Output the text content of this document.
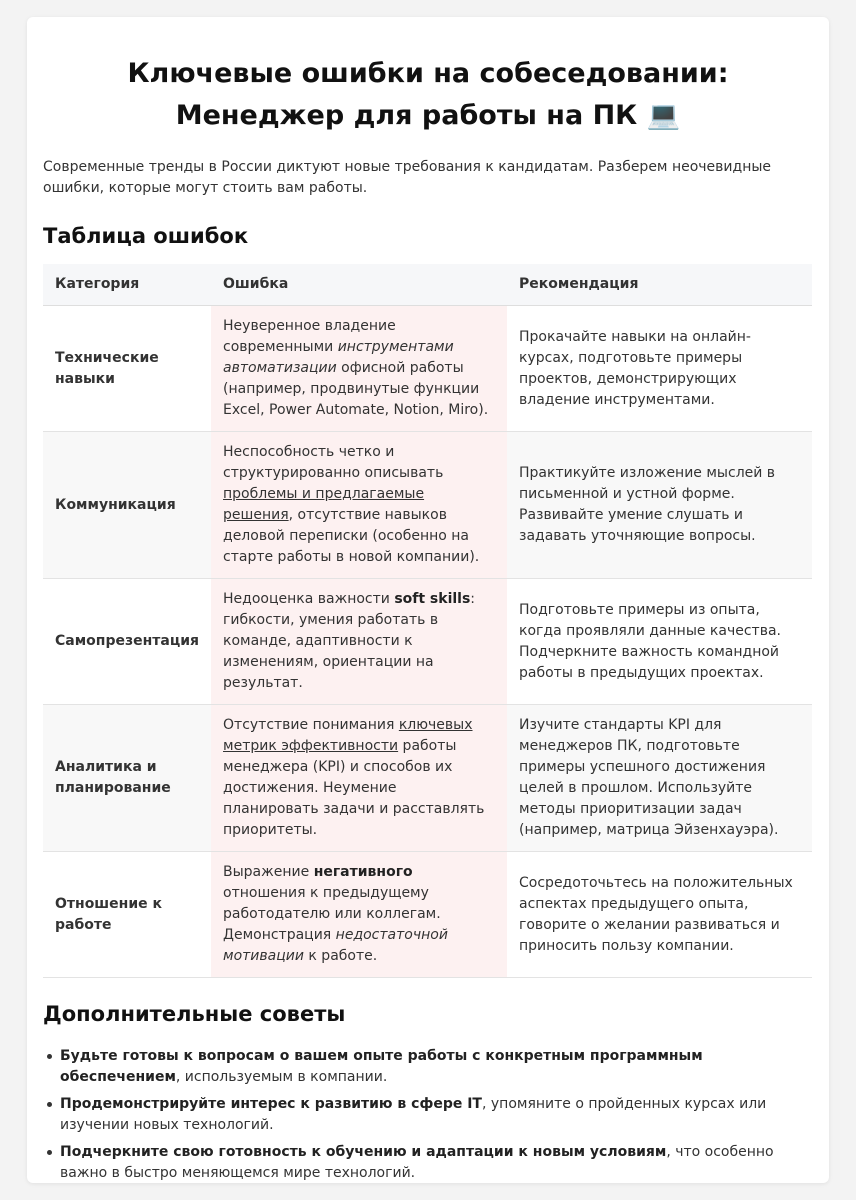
Ключевые ошибки на собеседовании:
Менеджер для работы на ПК 💻

Современные тренды в России диктуют новые требования к кандидатам. Разберем неочевидные ошибки, которые могут стоить вам работы.

Таблица ошибок
Категория	Ошибка	Рекомендация
Технические навыки	Неуверенное владение современными инструментами автоматизации офисной работы (например, продвинутые функции Excel, Power Automate, Notion, Miro).	Прокачайте навыки на онлайн-курсах, подготовьте примеры проектов, демонстрирующих владение инструментами.
Коммуникация	Неспособность четко и структурированно описывать проблемы и предлагаемые решения, отсутствие навыков деловой переписки (особенно на старте работы в новой компании).	Практикуйте изложение мыслей в письменной и устной форме. Развивайте умение слушать и задавать уточняющие вопросы.
Самопрезентация	Недооценка важности soft skills: гибкости, умения работать в команде, адаптивности к изменениям, ориентации на результат.	Подготовьте примеры из опыта, когда проявляли данные качества. Подчеркните важность командной работы в предыдущих проектах.
Аналитика и планирование	Отсутствие понимания ключевых метрик эффективности работы менеджера (KPI) и способов их достижения. Неумение планировать задачи и расставлять приоритеты.	Изучите стандарты KPI для менеджеров ПК, подготовьте примеры успешного достижения целей в прошлом. Используйте методы приоритизации задач (например, матрица Эйзенхауэра).
Отношение к работе	Выражение негативного отношения к предыдущему работодателю или коллегам. Демонстрация недостаточной мотивации к работе.	Сосредоточьтесь на положительных аспектах предыдущего опыта, говорите о желании развиваться и приносить пользу компании.
Дополнительные советы
Будьте готовы к вопросам о вашем опыте работы с конкретным программным обеспечением, используемым в компании.
Продемонстрируйте интерес к развитию в сфере IT, упомяните о пройденных курсах или изучении новых технологий.
Подчеркните свою готовность к обучению и адаптации к новым условиям, что особенно важно в быстро меняющемся мире технологий.
